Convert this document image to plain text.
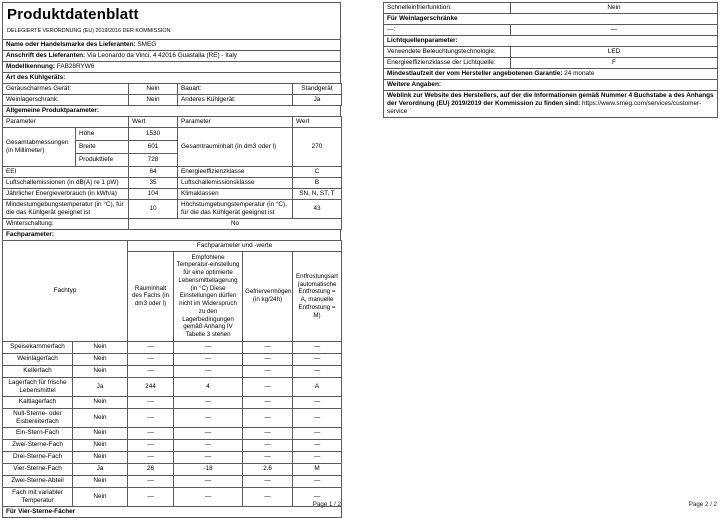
Produktdatenblatt
DELEGIERTE VERORDNUNG (EU) 2019/2016 DER KOMMISSION

Name oder Handelsmarke des Lieferanten: SMEG
Anschrift des Lieferanten: Via Leonardo da Vinci, 4 42016 Guastalla (RE) - Italy
Modellkennung: FAB28RYW6
Art des Kühlgeräts:
Geräuscharmes Gerät:	Nein	Bauart:	Standgerät
Weinlagerschrank:	Nein	Anderes Kühlgerät:	Ja
Allgemeine Produktparameter:
Parameter		Wert	Parameter	Wert
Gesamtabmessungen (in Millimeter)	Höhe	1530	Gesamtrauminhalt (in dm3 oder l)	270
	Breite	601		
	Produkttiefe	728		
EEI		64	Energieeffizienzklasse	C
Luftschallemissionen (in dB(A) re 1 pW)		35	Luftschallemissionsklasse	B
Jährlicher Energieverbrauch (in kWh/a)		104	Klimaklassen	SN, N, ST, T
Mindestumgebungstemperatur (in °C), für die das Kühlgerät geeignet ist		10	Höchstumgebungstemperatur (in °C), für die das Kühlgerät geeignet ist	43
Winterschaltung:		No		
Fachparameter:
Fachtyp		Fachparameter und -werte			
		Rauminhalt des Fachs (in dm3 oder l)	Empfohlene Temperatur-einstellung für eine optimierte Lebensmittellagerung (in °C) Diese Einstellungen dürfen nicht im Widerspruch zu den Lagerbedingungen gemäß Anhang IV Tabelle 3 stehen	Gefriervermögen (in kg/24h)	Entfrostungsart (automatische Entfrostung = A, manuelle Entfrostung = M)
Speisekammerfach	Nein	—	—	—	—
Weinlagerfach	Nein	—	—	—	—
Kellerfach	Nein	—	—	—	—
Lagerfach für frische Lebensmittel	Ja	244	4	—	A
Kaltlagerfach	Nein	—	—	—	—
Null-Sterne- oder Eisbereiterfach	Nein	—	—	—	—
Ein-Stern-Fach	Nein	—	—	—	—
Zwei-Sterne-Fach	Nein	—	—	—	—
Drei-Sterne-Fach	Nein	—	—	—	—
Vier-Sterne-Fach	Ja	26	-18	2.6	M
Zwei-Sterne-Abteil	Nein	—	—	—	—
Fach mit variabler Temperatur	Nein	—	—	—	—
Für Vier-Sterne-Fächer					
Schnelleinfrierfunktion:	Nein
Für Weinlagerschränke	
—:	—
Lichtquellenparameter:	
Verwendete Beleuchtungstechnologie:	LED
Energieeffizienzklasse der Lichtquelle:	F
Mindestlaufzeit der vom Hersteller angebotenen Garantie: 24 monate	
Weitere Angaben:	
Weblink zur Website des Herstellers, auf der die Informationen gemäß Nummer 4 Buchstabe a des Anhangs der Verordnung (EU) 2019/2019 der Kommission zu finden sind: https://www.smeg.com/services/customer-service	
Page 1 / 2	Page 2 / 2
